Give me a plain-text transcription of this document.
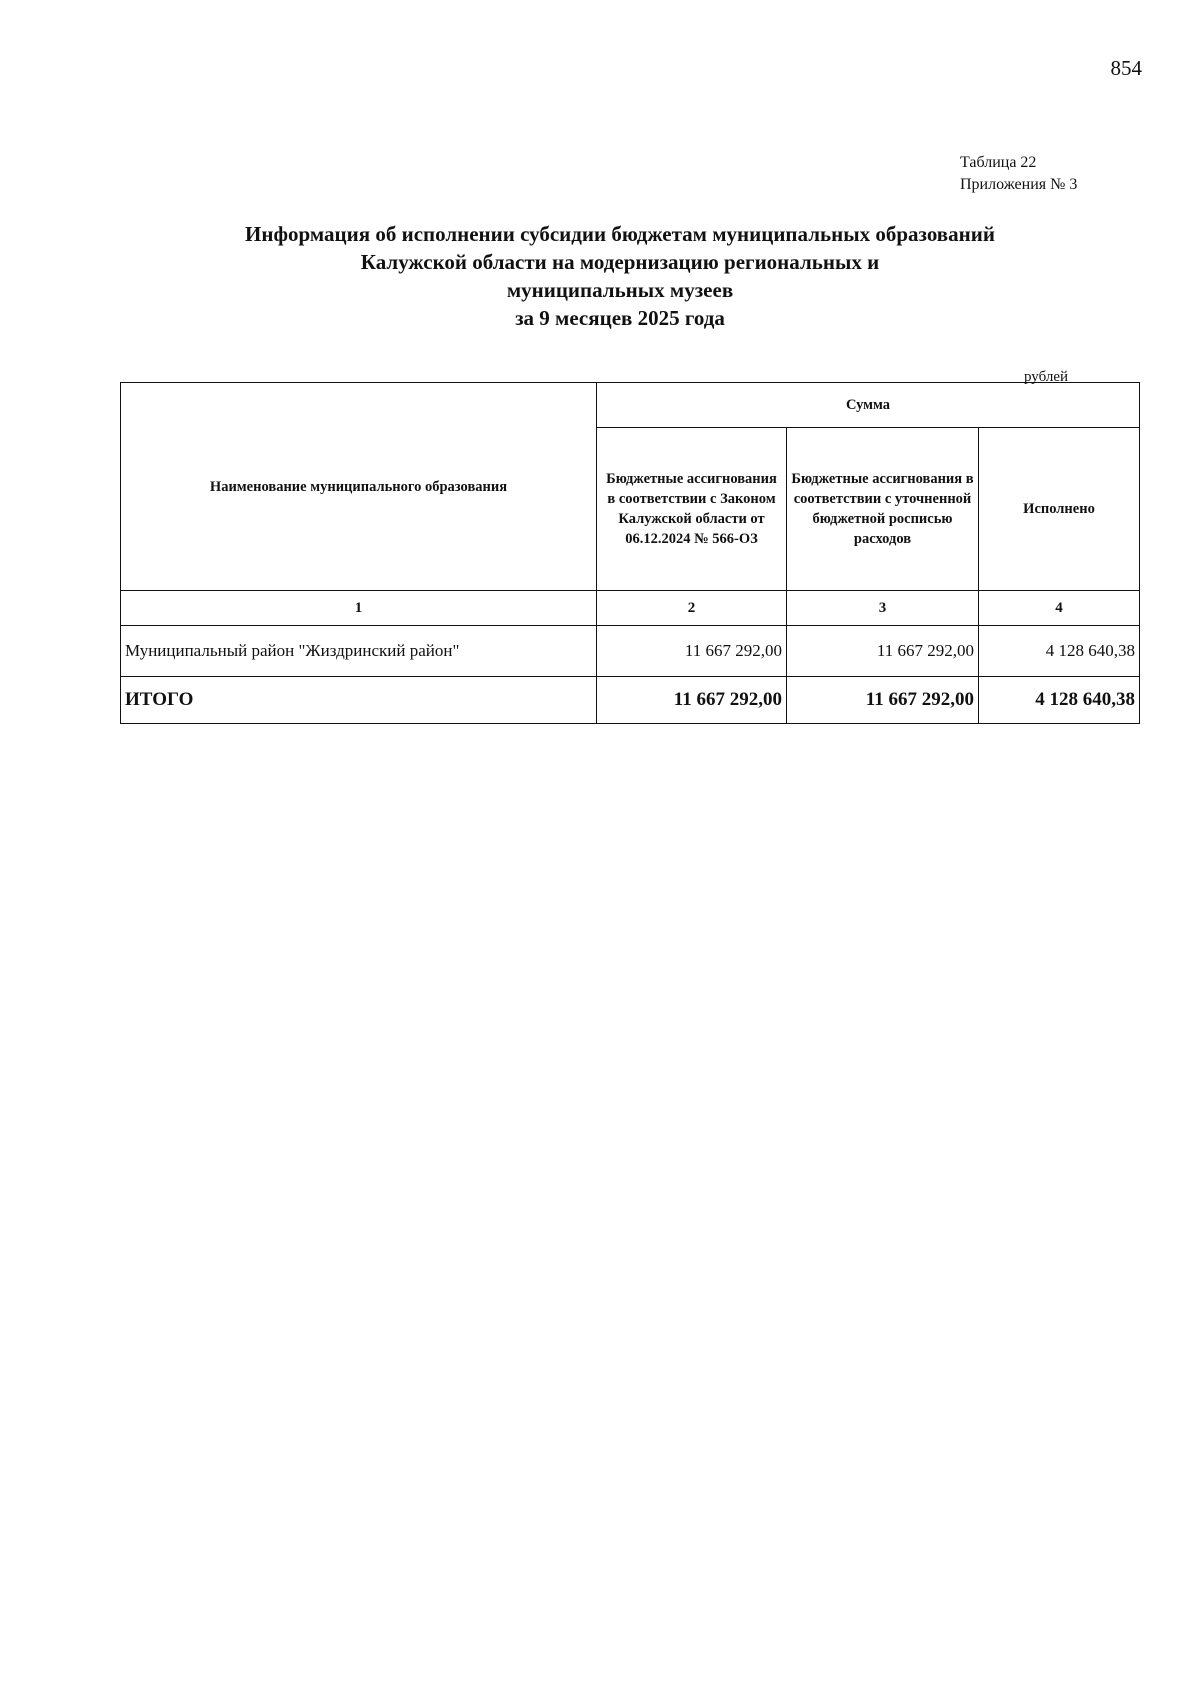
854
Таблица 22
Приложения № 3
Информация об исполнении субсидии бюджетам муниципальных образований
Калужской области на модернизацию региональных и
муниципальных музеев
за 9 месяцев 2025 года
рублей
Наименование муниципального образования	Сумма		
	Бюджетные ассигнования в соответствии с Законом Калужской области от 06.12.2024 № 566-ОЗ	Бюджетные ассигнования в соответствии с уточненной бюджетной росписью расходов	Исполнено
1	2	3	4
Муниципальный район "Жиздринский район"	11 667 292,00	11 667 292,00	4 128 640,38
ИТОГО	11 667 292,00	11 667 292,00	4 128 640,38
